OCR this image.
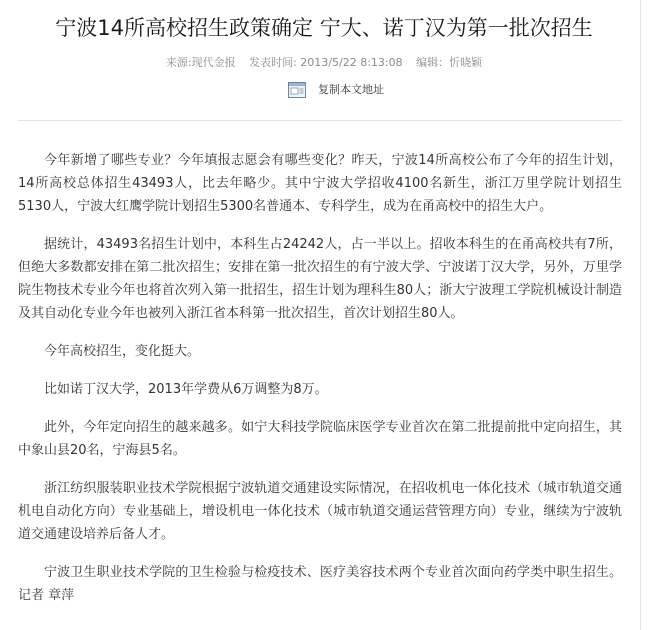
宁波14所高校招生政策确定 宁大、诺丁汉为第一批次招生
来源:现代金报 发表时间: 2013/5/22 8:13:08 编辑：忻晓颖
复制本文地址

今年新增了哪些专业？今年填报志愿会有哪些变化？昨天，宁波14所高校公布了今年的招生计划，14所高校总体招生43493人，比去年略少。其中宁波大学招收4100名新生，浙江万里学院计划招生5130人，宁波大红鹰学院计划招生5300名普通本、专科学生，成为在甬高校中的招生大户。

据统计，43493名招生计划中，本科生占24242人，占一半以上。招收本科生的在甬高校共有7所，但绝大多数都安排在第二批次招生；安排在第一批次招生的有宁波大学、宁波诺丁汉大学，另外，万里学院生物技术专业今年也将首次列入第一批招生，招生计划为理科生80人；浙大宁波理工学院机械设计制造及其自动化专业今年也被列入浙江省本科第一批次招生，首次计划招生80人。

今年高校招生，变化挺大。

比如诺丁汉大学，2013年学费从6万调整为8万。

此外，今年定向招生的越来越多。如宁大科技学院临床医学专业首次在第二批提前批中定向招生，其中象山县20名，宁海县5名。

浙江纺织服装职业技术学院根据宁波轨道交通建设实际情况，在招收机电一体化技术（城市轨道交通机电自动化方向）专业基础上，增设机电一体化技术（城市轨道交通运营管理方向）专业，继续为宁波轨道交通建设培养后备人才。

宁波卫生职业技术学院的卫生检验与检疫技术、医疗美容技术两个专业首次面向药学类中职生招生。记者 章萍
